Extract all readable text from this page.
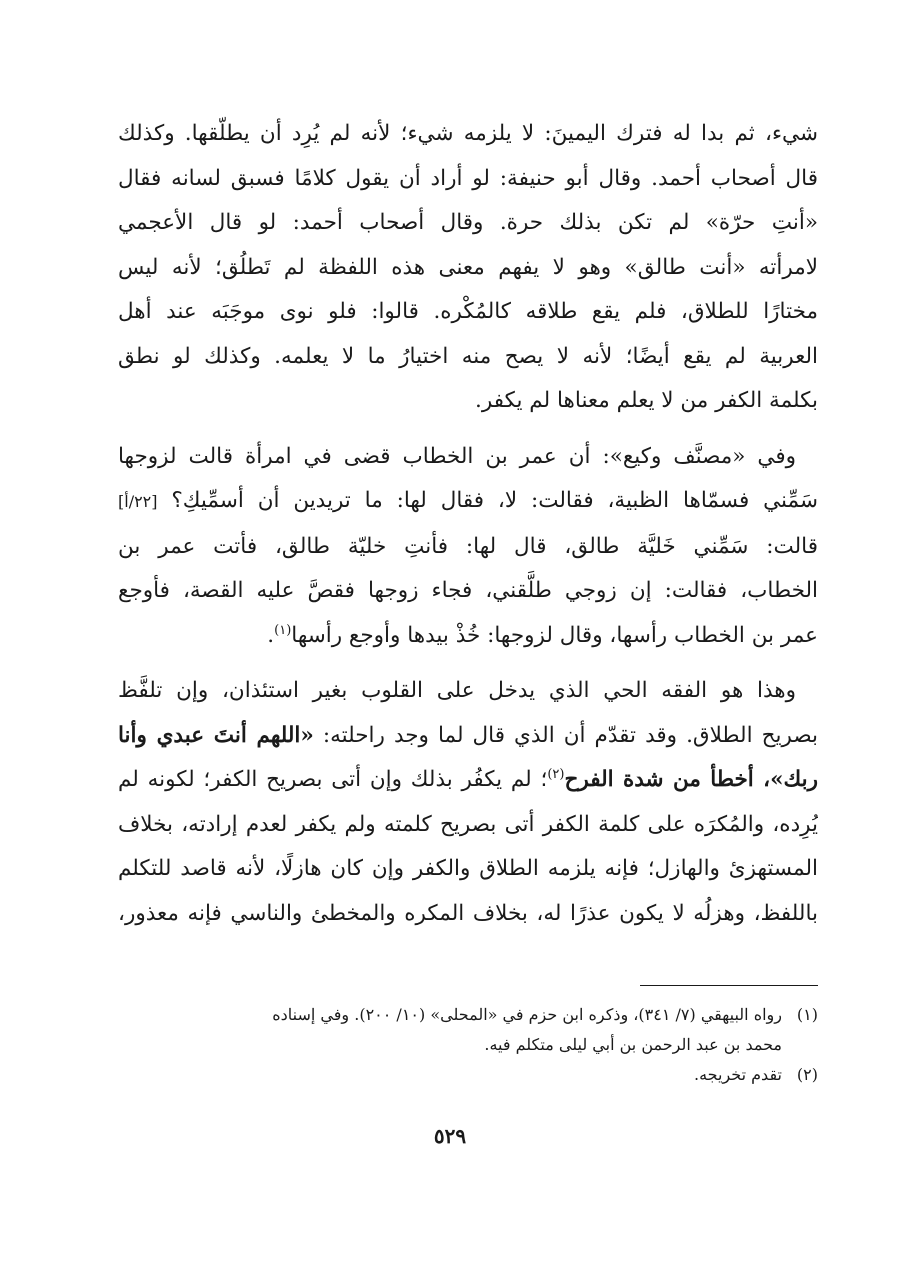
شيء، ثم بدا له فترك اليمينَ: لا يلزمه شيء؛ لأنه لم يُرِد أن يطلّقها. وكذلك
قال أصحاب أحمد. وقال أبو حنيفة: لو أراد أن يقول كلامًا فسبق لسانه فقال
«أنتِ حرّة» لم تكن بذلك حرة. وقال أصحاب أحمد: لو قال الأعجمي
لامرأته «أنت طالق» وهو لا يفهم معنى هذه اللفظة لم تَطلُق؛ لأنه ليس
مختارًا للطلاق، فلم يقع طلاقه كالمُكْره. قالوا: فلو نوى موجَبَه عند أهل
العربية لم يقع أيضًا؛ لأنه لا يصح منه اختيارُ ما لا يعلمه. وكذلك لو نطق
بكلمة الكفر من لا يعلم معناها لم يكفر.

وفي «مصنَّف وكيع»: أن عمر بن الخطاب قضى في امرأة قالت لزوجها
سَمِّني فسمّاها الظبية، فقالت: لا، فقال لها: ما تريدين أن أسمِّيكِ؟ [٢٢/أ]
قالت: سَمِّني خَليَّة طالق، قال لها: فأنتِ خليّة طالق، فأتت عمر بن
الخطاب، فقالت: إن زوجي طلَّقني، فجاء زوجها فقصَّ عليه القصة، فأوجع
عمر بن الخطاب رأسها، وقال لزوجها: خُذْ بيدها وأوجع رأسها$^{(١)}$.

وهذا هو الفقه الحي الذي يدخل على القلوب بغير استئذان، وإن تلفَّظ
بصريح الطلاق. وقد تقدّم أن الذي قال لما وجد راحلته: «اللهم أنتَ عبدي وأنا
ربك»، أخطأ من شدة الفرح$^{(٢)}$؛ لم يكفُر بذلك وإن أتى بصريح الكفر؛ لكونه لم
يُرِده، والمُكرَه على كلمة الكفر أتى بصريح كلمته ولم يكفر لعدم إرادته، بخلاف
المستهزئ والهازل؛ فإنه يلزمه الطلاق والكفر وإن كان هازلًا، لأنه قاصد للتكلم
باللفظ، وهزلُه لا يكون عذرًا له، بخلاف المكره والمخطئ والناسي فإنه معذور،

(١)
رواه البيهقي (٧/ ٣٤١)، وذكره ابن حزم في «المحلى» (١٠/ ٢٠٠). وفي إسناده
محمد بن عبد الرحمن بن أبي ليلى متكلم فيه.
(٢)
تقدم تخريجه.
٥٢٩
